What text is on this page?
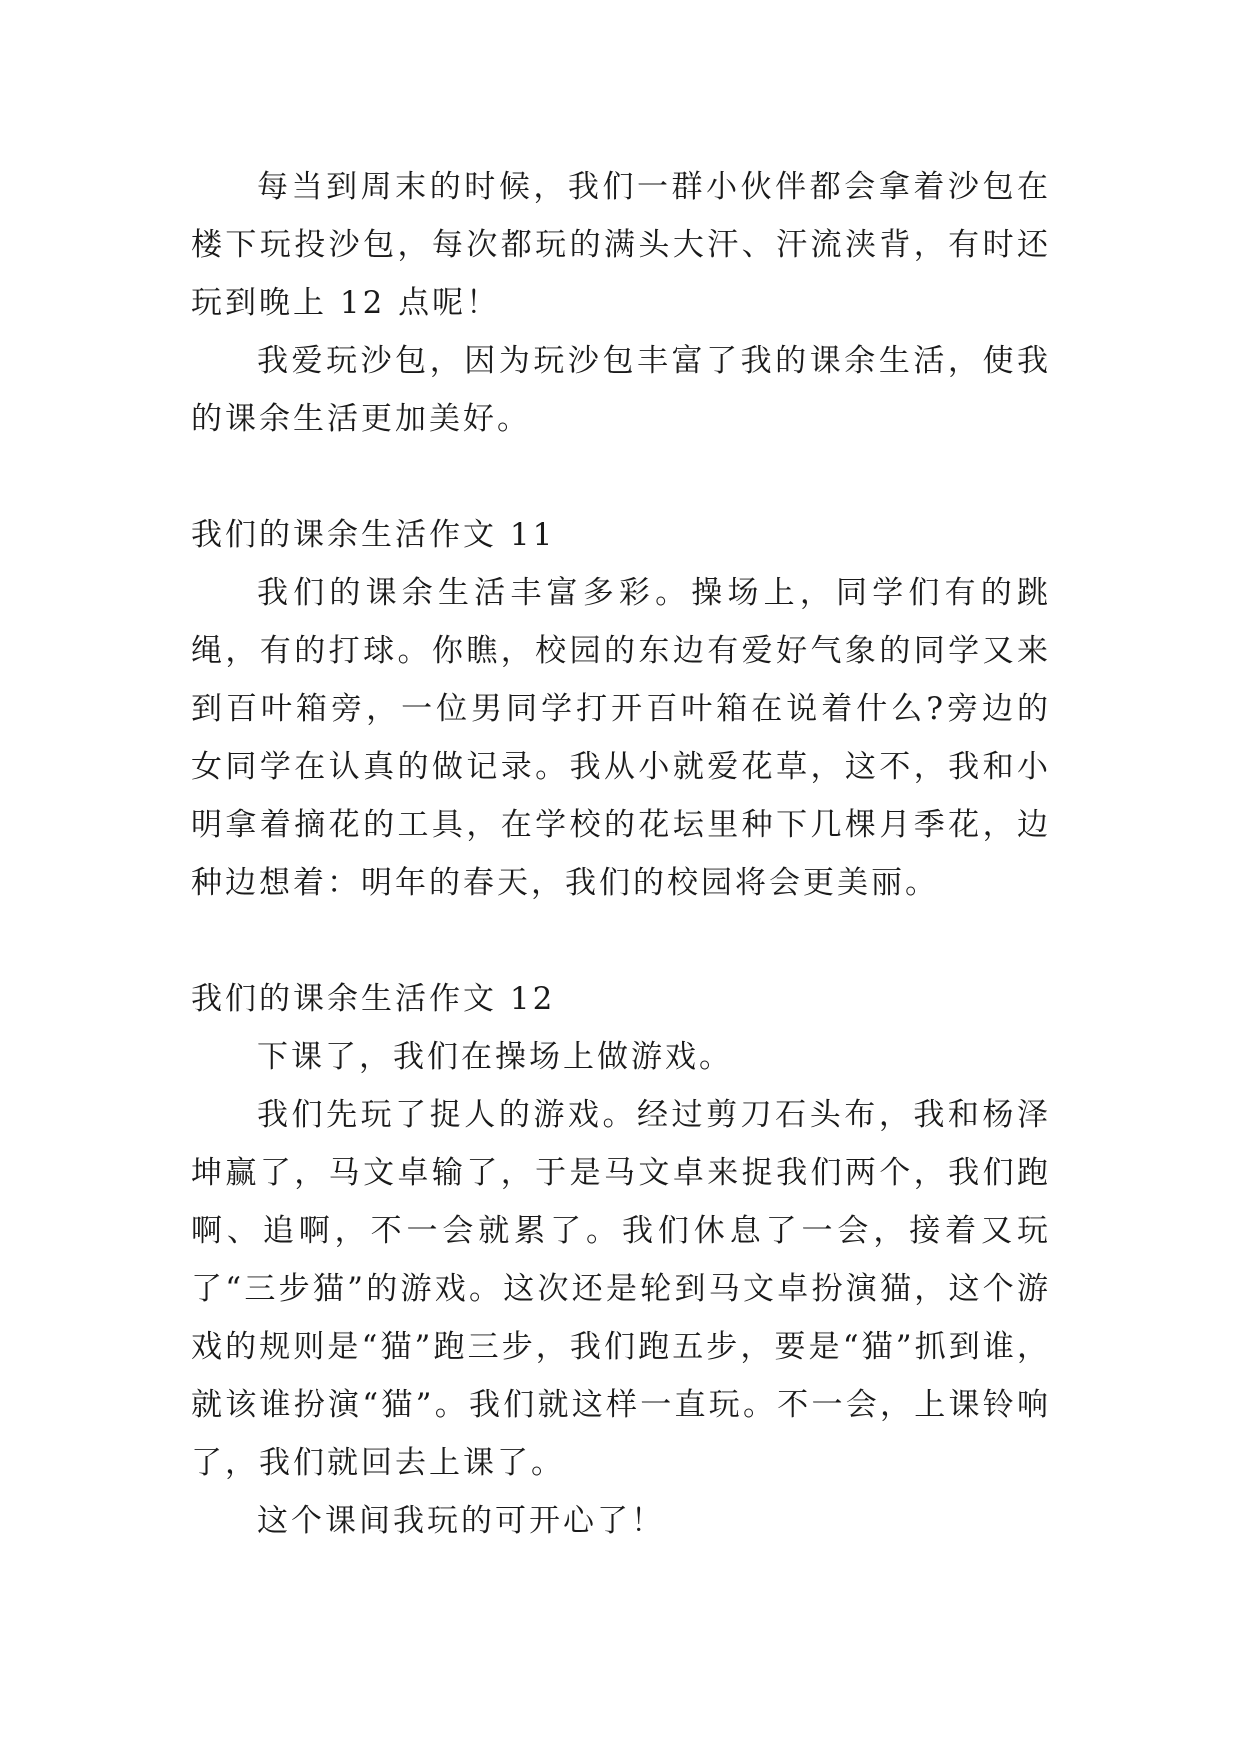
每当到周末的时候，我们一群小伙伴都会拿着沙包在楼下玩投沙包，每次都玩的满头大汗、汗流浃背，有时还玩到晚上 12 点呢！

我爱玩沙包，因为玩沙包丰富了我的课余生活，使我的课余生活更加美好。

我们的课余生活作文 11

我们的课余生活丰富多彩。操场上，同学们有的跳绳，有的打球。你瞧，校园的东边有爱好气象的同学又来到百叶箱旁，一位男同学打开百叶箱在说着什么?旁边的女同学在认真的做记录。我从小就爱花草，这不，我和小明拿着摘花的工具，在学校的花坛里种下几棵月季花，边种边想着：明年的春天，我们的校园将会更美丽。

我们的课余生活作文 12

下课了，我们在操场上做游戏。

我们先玩了捉人的游戏。经过剪刀石头布，我和杨泽坤赢了，马文卓输了，于是马文卓来捉我们两个，我们跑啊、追啊，不一会就累了。我们休息了一会，接着又玩了“三步猫”的游戏。这次还是轮到马文卓扮演猫，这个游戏的规则是“猫”跑三步，我们跑五步，要是“猫”抓到谁，就该谁扮演“猫”。我们就这样一直玩。不一会，上课铃响了，我们就回去上课了。

这个课间我玩的可开心了！
